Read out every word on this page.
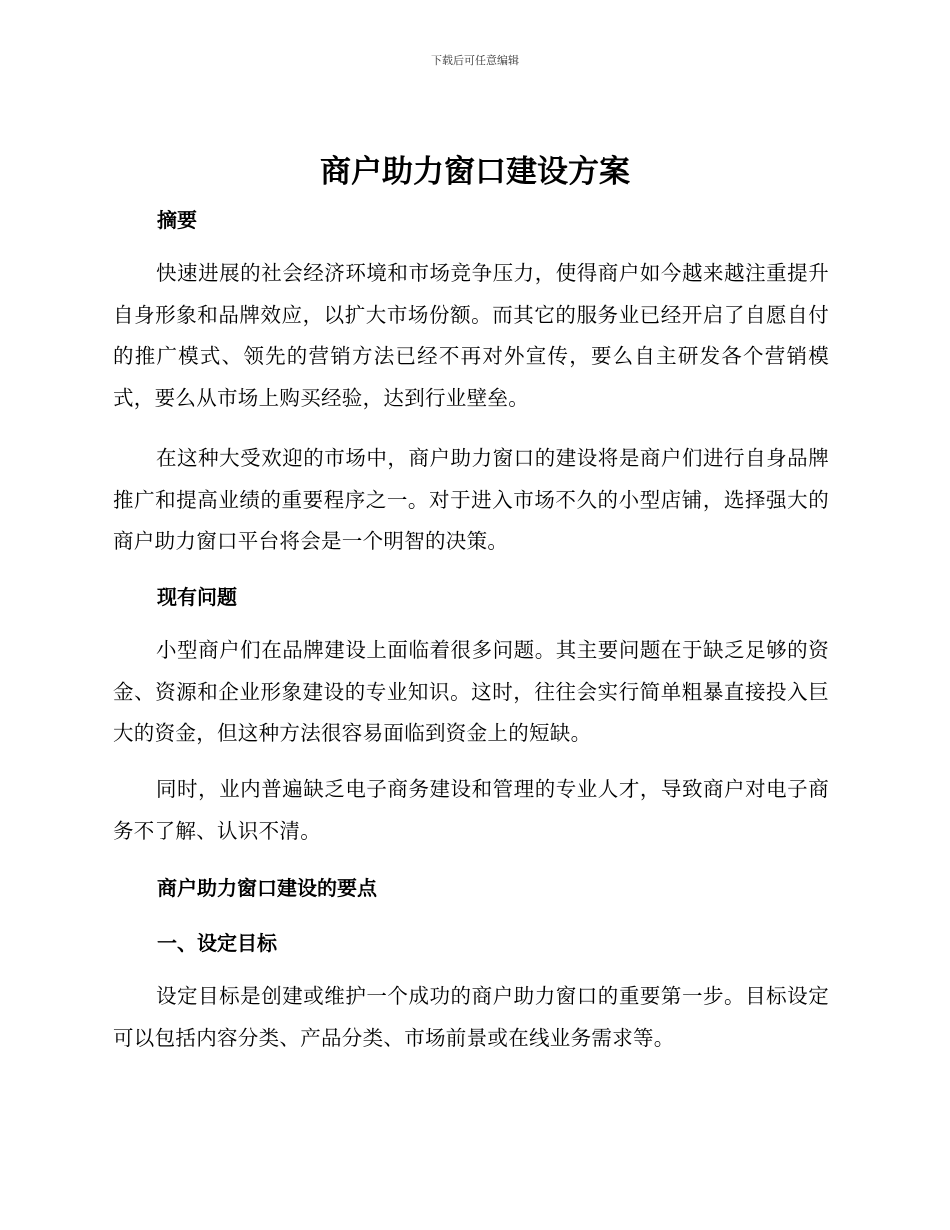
下载后可任意编辑
商户助力窗口建设方案
摘要

快速进展的社会经济环境和市场竞争压力，使得商户如今越来越注重提升自身形象和品牌效应，以扩大市场份额。而其它的服务业已经开启了自愿自付的推广模式、领先的营销方法已经不再对外宣传，要么自主研发各个营销模式，要么从市场上购买经验，达到行业壁垒。

在这种大受欢迎的市场中，商户助力窗口的建设将是商户们进行自身品牌推广和提高业绩的重要程序之一。对于进入市场不久的小型店铺，选择强大的商户助力窗口平台将会是一个明智的决策。

现有问题

小型商户们在品牌建设上面临着很多问题。其主要问题在于缺乏足够的资金、资源和企业形象建设的专业知识。这时，往往会实行简单粗暴直接投入巨大的资金，但这种方法很容易面临到资金上的短缺。

同时，业内普遍缺乏电子商务建设和管理的专业人才，导致商户对电子商务不了解、认识不清。

商户助力窗口建设的要点
一、设定目标

设定目标是创建或维护一个成功的商户助力窗口的重要第一步。目标设定可以包括内容分类、产品分类、市场前景或在线业务需求等。
